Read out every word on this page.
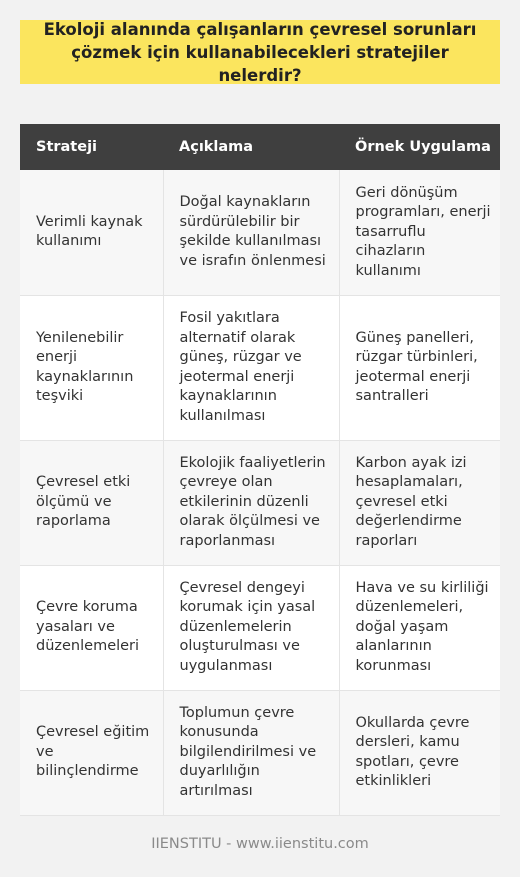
Ekoloji alanında çalışanların çevresel sorunları çözmek için kullanabilecekleri stratejiler nelerdir?
Strateji	Açıklama	Örnek Uygulama
Verimli kaynak kullanımı	Doğal kaynakların sürdürülebilir bir şekilde kullanılması ve israfın önlenmesi	Geri dönüşüm programları, enerji tasarruflu cihazların kullanımı
Yenilenebilir enerji kaynaklarının teşviki	Fosil yakıtlara alternatif olarak güneş, rüzgar ve jeotermal enerji kaynaklarının kullanılması	Güneş panelleri, rüzgar türbinleri, jeotermal enerji santralleri
Çevresel etki ölçümü ve raporlama	Ekolojik faaliyetlerin çevreye olan etkilerinin düzenli olarak ölçülmesi ve raporlanması	Karbon ayak izi hesaplamaları, çevresel etki değerlendirme raporları
Çevre koruma yasaları ve düzenlemeleri	Çevresel dengeyi korumak için yasal düzenlemelerin oluşturulması ve uygulanması	Hava ve su kirliliği düzenlemeleri, doğal yaşam alanlarının korunması
Çevresel eğitim ve bilinçlendirme	Toplumun çevre konusunda bilgilendirilmesi ve duyarlılığın artırılması	Okullarda çevre dersleri, kamu spotları, çevre etkinlikleri
IIENSTITU - www.iienstitu.com
